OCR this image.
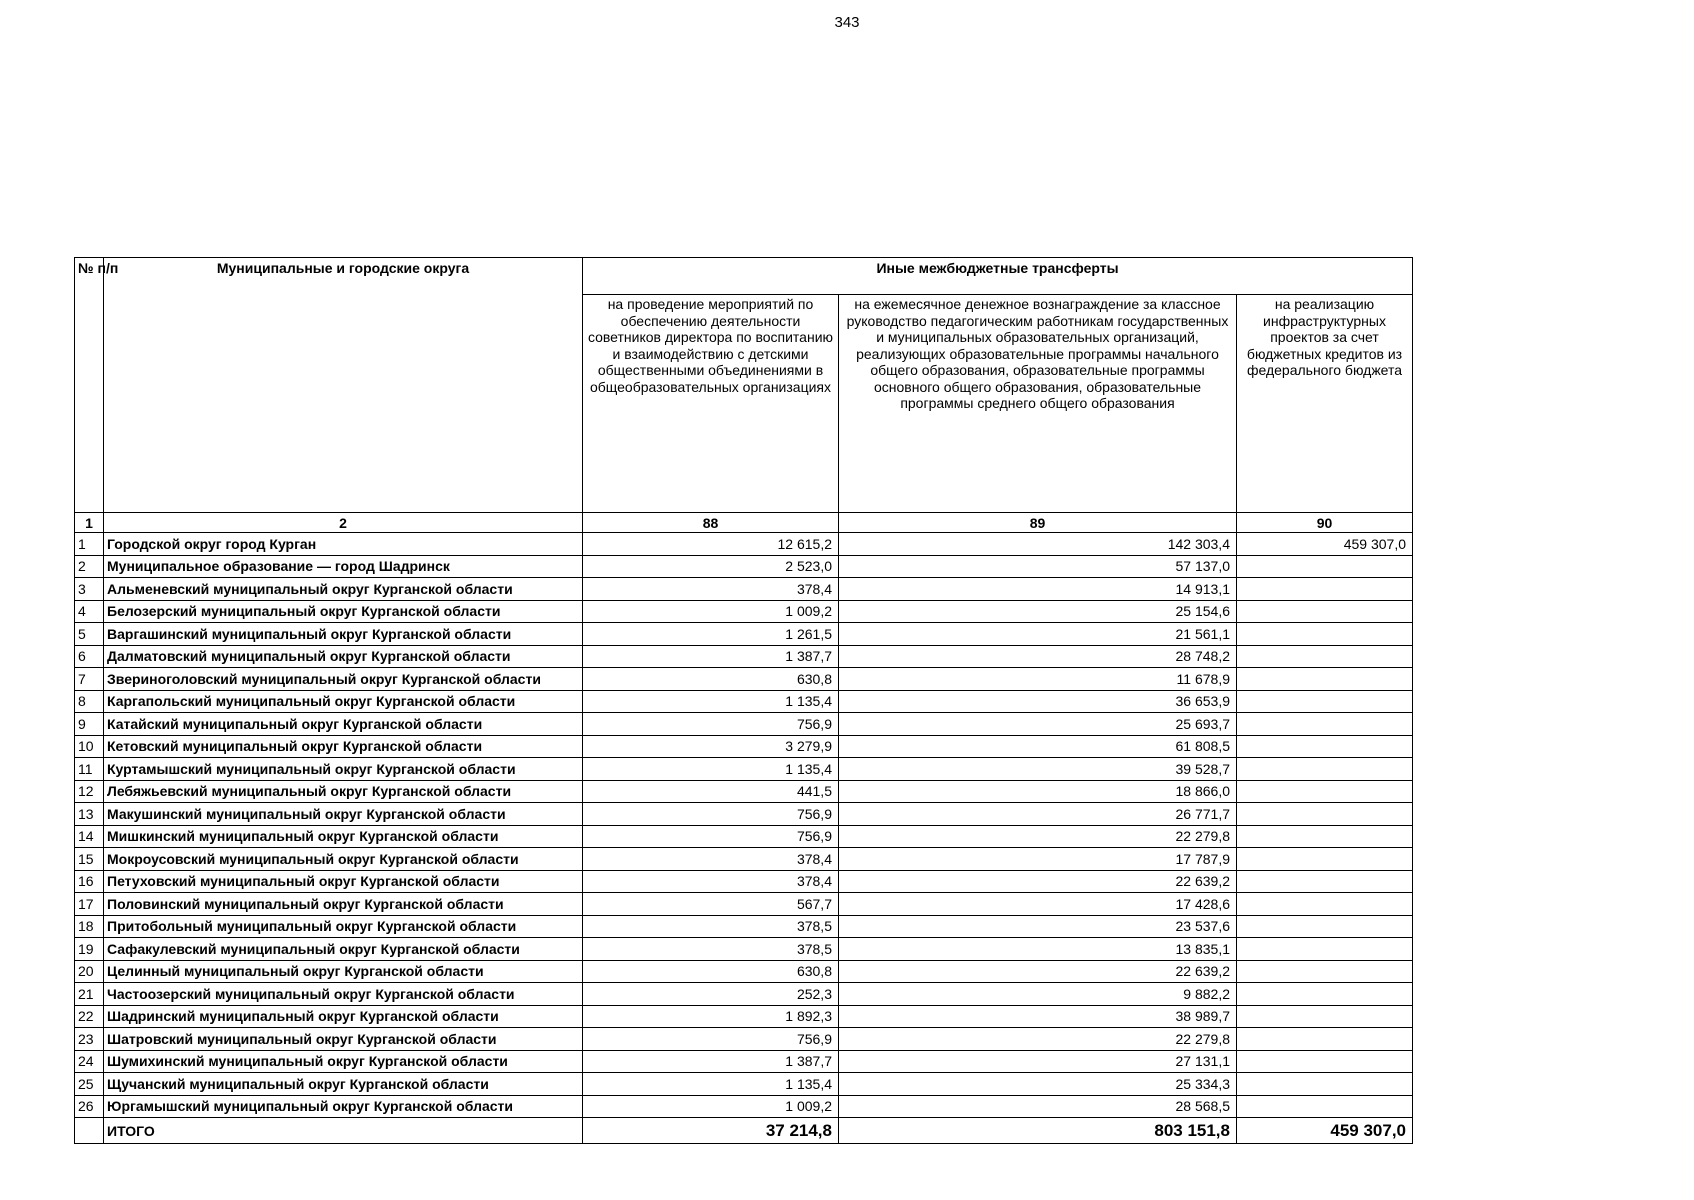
343
№ п/п	Муниципальные и городские округа	Иные межбюджетные трансферты		
		на проведение мероприятий по обеспечению деятельности советников директора по воспитанию и взаимодействию с детскими общественными объединениями в общеобразовательных организациях	на ежемесячное денежное вознаграждение за классное руководство педагогическим работникам государственных и муниципальных образовательных организаций, реализующих образовательные программы начального общего образования, образовательные программы основного общего образования, образовательные программы среднего общего образования	на реализацию инфраструктурных проектов за счет бюджетных кредитов из федерального бюджета
1	2	88	89	90
1	Городской округ город Курган	12 615,2	142 303,4	459 307,0
2	Муниципальное образование — город Шадринск	2 523,0	57 137,0	
3	Альменевский муниципальный округ Курганской области	378,4	14 913,1	
4	Белозерский муниципальный округ Курганской области	1 009,2	25 154,6	
5	Варгашинский муниципальный округ Курганской области	1 261,5	21 561,1	
6	Далматовский муниципальный округ Курганской области	1 387,7	28 748,2	
7	Звериноголовский муниципальный округ Курганской области	630,8	11 678,9	
8	Каргапольский муниципальный округ Курганской области	1 135,4	36 653,9	
9	Катайский муниципальный округ Курганской области	756,9	25 693,7	
10	Кетовский муниципальный округ Курганской области	3 279,9	61 808,5	
11	Куртамышский муниципальный округ Курганской области	1 135,4	39 528,7	
12	Лебяжьевский муниципальный округ Курганской области	441,5	18 866,0	
13	Макушинский муниципальный округ Курганской области	756,9	26 771,7	
14	Мишкинский муниципальный округ Курганской области	756,9	22 279,8	
15	Мокроусовский муниципальный округ Курганской области	378,4	17 787,9	
16	Петуховский муниципальный округ Курганской области	378,4	22 639,2	
17	Половинский муниципальный округ Курганской области	567,7	17 428,6	
18	Притобольный муниципальный округ Курганской области	378,5	23 537,6	
19	Сафакулевский муниципальный округ Курганской области	378,5	13 835,1	
20	Целинный муниципальный округ Курганской области	630,8	22 639,2	
21	Частоозерский муниципальный округ Курганской области	252,3	9 882,2	
22	Шадринский муниципальный округ Курганской области	1 892,3	38 989,7	
23	Шатровский муниципальный округ Курганской области	756,9	22 279,8	
24	Шумихинский муниципальный округ Курганской области	1 387,7	27 131,1	
25	Щучанский муниципальный округ Курганской области	1 135,4	25 334,3	
26	Юргамышский муниципальный округ Курганской области	1 009,2	28 568,5	
	ИТОГО	37 214,8	803 151,8	459 307,0
